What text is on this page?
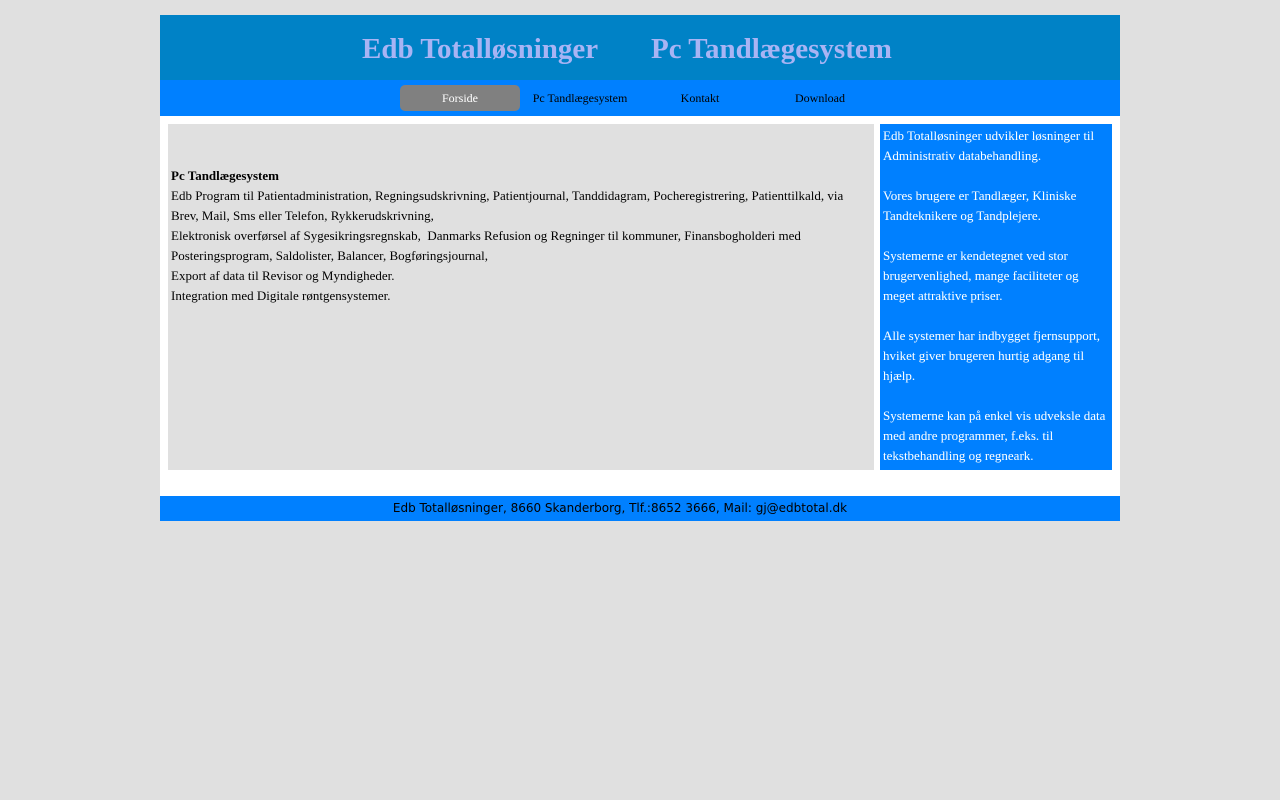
Edb Totalløsninger Pc Tandlægesystem
Forside	Pc Tandlægesystem	Kontakt	Download
Pc Tandlægesystem
Edb Program til Patientadministration, Regningsudskrivning, Patientjournal, Tanddidagram, Pocheregistrering, Patienttilkald, via Brev, Mail, Sms eller Telefon, Rykkerudskrivning,
Elektronisk overførsel af Sygesikringsregnskab,  Danmarks Refusion og Regninger til kommuner, Finansbogholderi med Posteringsprogram, Saldolister, Balancer, Bogføringsjournal,
Export af data til Revisor og Myndigheder.
Integration med Digitale røntgensystemer.
Edb Totalløsninger udvikler løsninger til Administrativ databehandling.
Vores brugere er Tandlæger, Kliniske Tandteknikere og Tandplejere.
Systemerne er kendetegnet ved stor brugervenlighed, mange faciliteter og meget attraktive priser.
Alle systemer har indbygget fjernsupport, hviket giver brugeren hurtig adgang til hjælp.
Systemerne kan på enkel vis udveksle data med andre programmer, f.eks. til tekstbehandling og regneark.
Edb Totalløsninger, 8660 Skanderborg, Tlf.:8652 3666, Mail: gj@edbtotal.dk
